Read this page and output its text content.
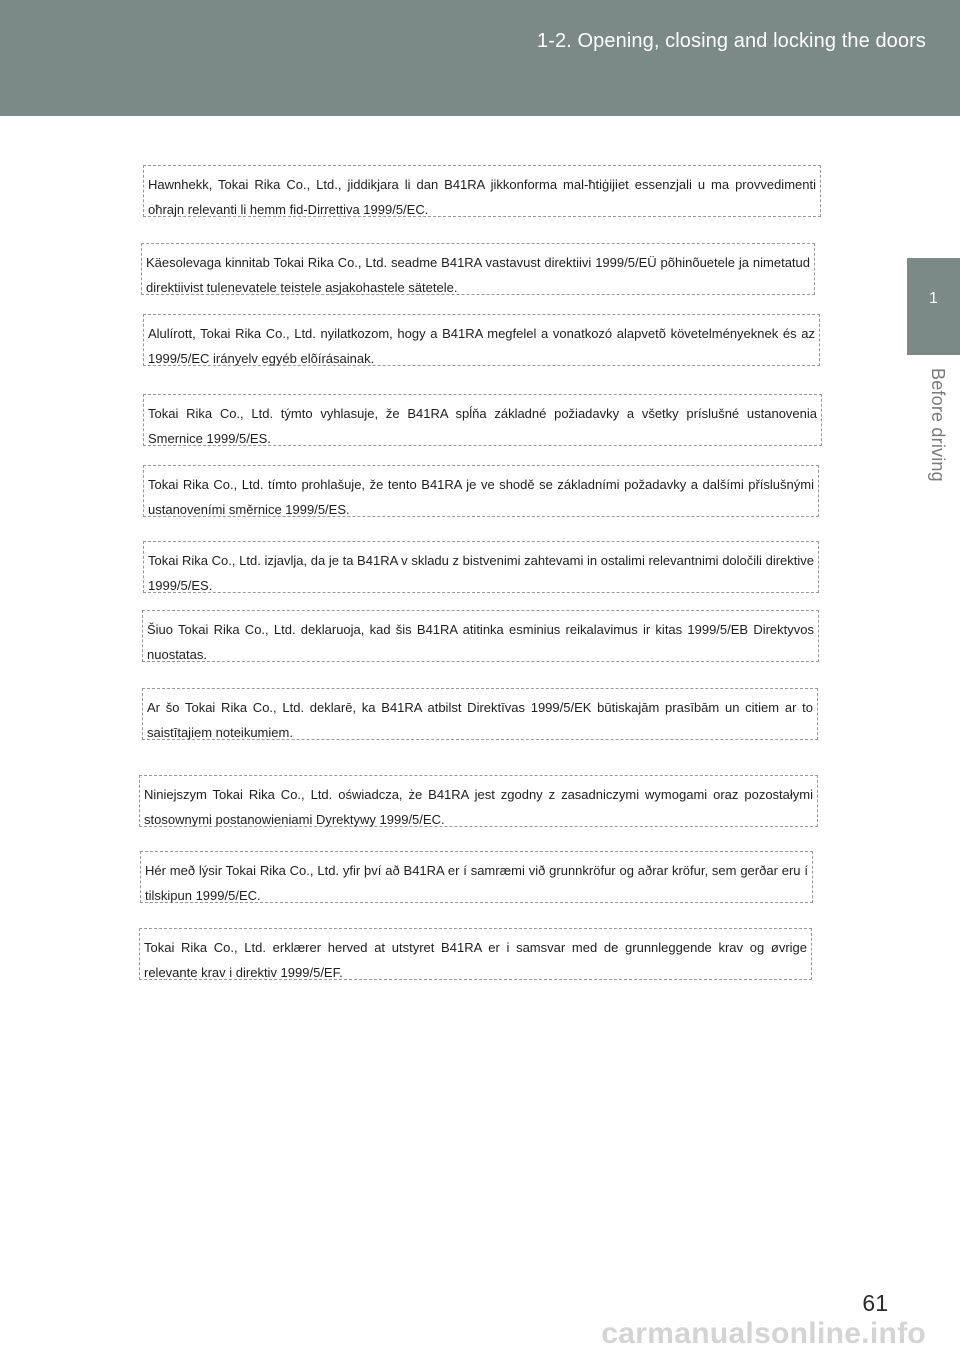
1-2. Opening, closing and locking the doors
1
Before driving

Hawnhekk, Tokai Rika Co., Ltd., jiddikjara li dan B41RA jikkonforma mal-ħtiġijiet essenzjali u ma provvedimenti oħrajn relevanti li hemm fid-Dirrettiva 1999/5/EC.

Käesolevaga kinnitab Tokai Rika Co., Ltd. seadme B41RA vastavust direktiivi 1999/5/EÜ põhinõuetele ja nimetatud direktiivist tulenevatele teistele asjakohastele sätetele.

Alulírott, Tokai Rika Co., Ltd. nyilatkozom, hogy a B41RA megfelel a vonatkozó alapvetõ követelményeknek és az 1999/5/EC irányelv egyéb elõírásainak.

Tokai Rika Co., Ltd. týmto vyhlasuje, že B41RA spĺňa základné požiadavky a všetky príslušné ustanovenia Smernice 1999/5/ES.

Tokai Rika Co., Ltd. tímto prohlašuje, že tento B41RA je ve shodě se základními požadavky a dalšími příslušnými ustanoveními směrnice 1999/5/ES.

Tokai Rika Co., Ltd. izjavlja, da je ta B41RA v skladu z bistvenimi zahtevami in ostalimi relevantnimi določili direktive 1999/5/ES.

Šiuo Tokai Rika Co., Ltd. deklaruoja, kad šis B41RA atitinka esminius reikalavimus ir kitas 1999/5/EB Direktyvos nuostatas.

Ar šo Tokai Rika Co., Ltd. deklarē, ka B41RA atbilst Direktīvas 1999/5/EK būtiskajām prasībām un citiem ar to saistītajiem noteikumiem.

Niniejszym Tokai Rika Co., Ltd. oświadcza, że B41RA jest zgodny z zasadniczymi wymogami oraz pozostałymi stosownymi postanowieniami Dyrektywy 1999/5/EC.

Hér með lýsir Tokai Rika Co., Ltd. yfir því að B41RA er í samræmi við grunnkröfur og aðrar kröfur, sem gerðar eru í tilskipun 1999/5/EC.

Tokai Rika Co., Ltd. erklærer herved at utstyret B41RA er i samsvar med de grunnleggende krav og øvrige relevante krav i direktiv 1999/5/EF.

61
carmanualsonline.info
